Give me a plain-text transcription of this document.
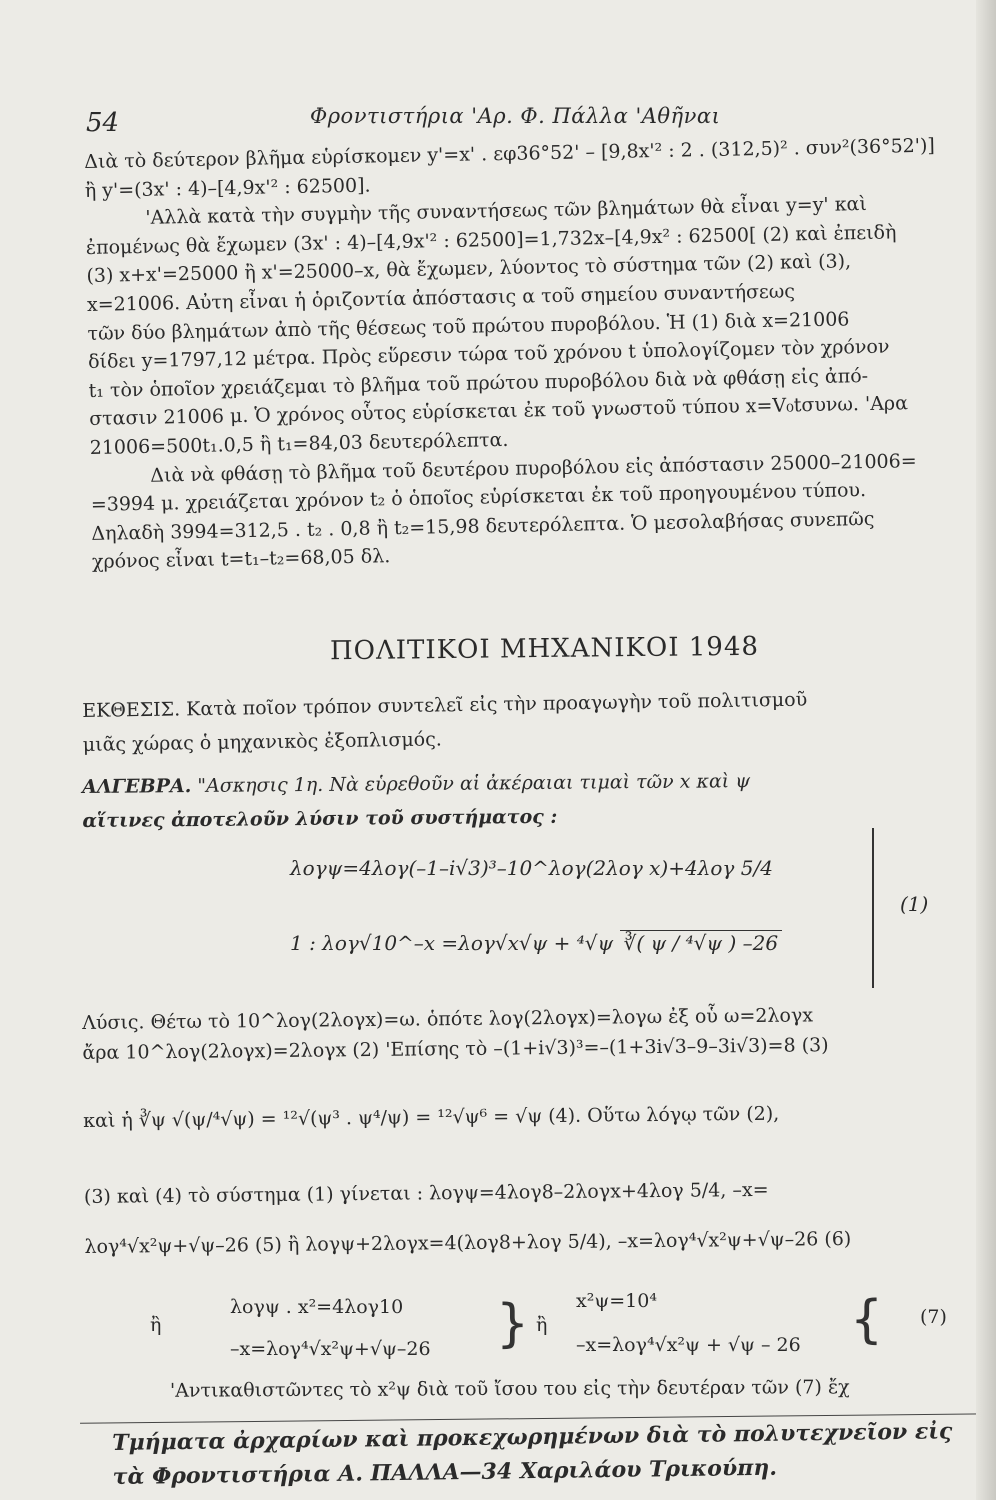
54	Φροντιστήρια 'Αρ. Φ. Πάλλα 'Αθῆναι

Διὰ τὸ δεύτερον βλῆμα εὑρίσκομεν y'=x' . εφ36°52' – [9,8x'² : 2 . (312,5)² . συν²(36°52')]

ἢ y'=(3x' : 4)–[4,9x'² : 62500].

'Αλλὰ κατὰ τὴν συγμὴν τῆς συναντήσεως τῶν βλημάτων θὰ εἶναι y=y' καὶ

ἐπομένως θὰ ἔχωμεν (3x' : 4)–[4,9x'² : 62500]=1,732x–[4,9x² : 62500[ (2) καὶ ἐπειδὴ

(3) x+x'=25000 ἢ x'=25000–x, θὰ ἔχωμεν, λύοντος τὸ σύστημα τῶν (2) καὶ (3),

x=21006. Αὐτη εἶναι ἡ ὁριζοντία ἀπόστασις α τοῦ σημείου συναντήσεως

τῶν δύο βλημάτων ἀπὸ τῆς θέσεως τοῦ πρώτου πυροβόλου. Ἡ (1) διὰ x=21006

δίδει y=1797,12 μέτρα. Πρὸς εὕρεσιν τώρα τοῦ χρόνου t ὑπολογίζομεν τὸν χρόνον

t₁ τὸν ὁποῖον χρειάζεμαι τὸ βλῆμα τοῦ πρώτου πυροβόλου διὰ νὰ φθάσῃ εἰς ἀπό-

στασιν 21006 μ. Ὁ χρόνος οὗτος εὑρίσκεται ἐκ τοῦ γνωστοῦ τύπου x=V₀tσυνω. 'Αρα

21006=500t₁.0,5 ἢ t₁=84,03 δευτερόλεπτα.

Διὰ νὰ φθάσῃ τὸ βλῆμα τοῦ δευτέρου πυροβόλου εἰς ἀπόστασιν 25000–21006=

=3994 μ. χρειάζεται χρόνον t₂ ὁ ὁποῖος εὑρίσκεται ἐκ τοῦ προηγουμένου τύπου.

Δηλαδὴ 3994=312,5 . t₂ . 0,8 ἢ t₂=15,98 δευτερόλεπτα. Ὁ μεσολαβήσας συνεπῶς

χρόνος εἶναι t=t₁–t₂=68,05 δλ.

ΠΟΛΙΤΙΚΟΙ ΜΗΧΑΝΙΚΟΙ 1948

ΕΚΘΕΣΙΣ. Κατὰ ποῖον τρόπον συντελεῖ εἰς τὴν προαγωγὴν τοῦ πολιτισμοῦ

μιᾶς χώρας ὁ μηχανικὸς ἐξοπλισμός.

ΑΛΓΕΒΡΑ. "Ασκησις 1η. Νὰ εὑρεθοῦν αἱ ἀκέραιαι τιμαὶ τῶν x καὶ ψ

αἵτινες ἀποτελοῦν λύσιν τοῦ συστήματος :

λογψ=4λογ(–1–i√3)³–10^λογ(2λογ x)+4λογ 5/4
1 : λογ√10^–x =λογ√x√ψ + ⁴√ψ ∛( ψ / ⁴√ψ ) –26
(1)

Λύσις. Θέτω τὸ 10^λογ(2λογx)=ω. ὁπότε λογ(2λογx)=λογω ἐξ οὗ ω=2λογx

ἄρα 10^λογ(2λογx)=2λογx (2) 'Επίσης τὸ –(1+i√3)³=–(1+3i√3–9–3i√3)=8 (3)

καὶ ἡ ∛ψ √(ψ/⁴√ψ) = ¹²√(ψ³ . ψ⁴/ψ) = ¹²√ψ⁶ = √ψ (4). Οὕτω λόγῳ τῶν (2),

(3) καὶ (4) τὸ σύστημα (1) γίνεται : λογψ=4λογ8–2λογx+4λογ 5/4, –x=

λογ⁴√x²ψ+√ψ–26 (5) ἢ λογψ+2λογx=4(λογ8+λογ 5/4), –x=λογ⁴√x²ψ+√ψ–26 (6)

ἢ
λογψ . x²=4λογ10
–x=λογ⁴√x²ψ+√ψ–26 } ἢ
x²ψ=10⁴
–x=λογ⁴√x²ψ + √ψ – 26 { (7)
'Αντικαθιστῶντες τὸ x²ψ διὰ τοῦ ἴσου του εἰς τὴν δευτέραν τῶν (7) ἔχ
Τμήματα ἀρχαρίων καὶ προκεχωρημένων διὰ τὸ πολυτεχνεῖον εἰς
τὰ Φροντιστήρια Α. ΠΑΛΛΑ—34 Χαριλάου Τρικούπη.
